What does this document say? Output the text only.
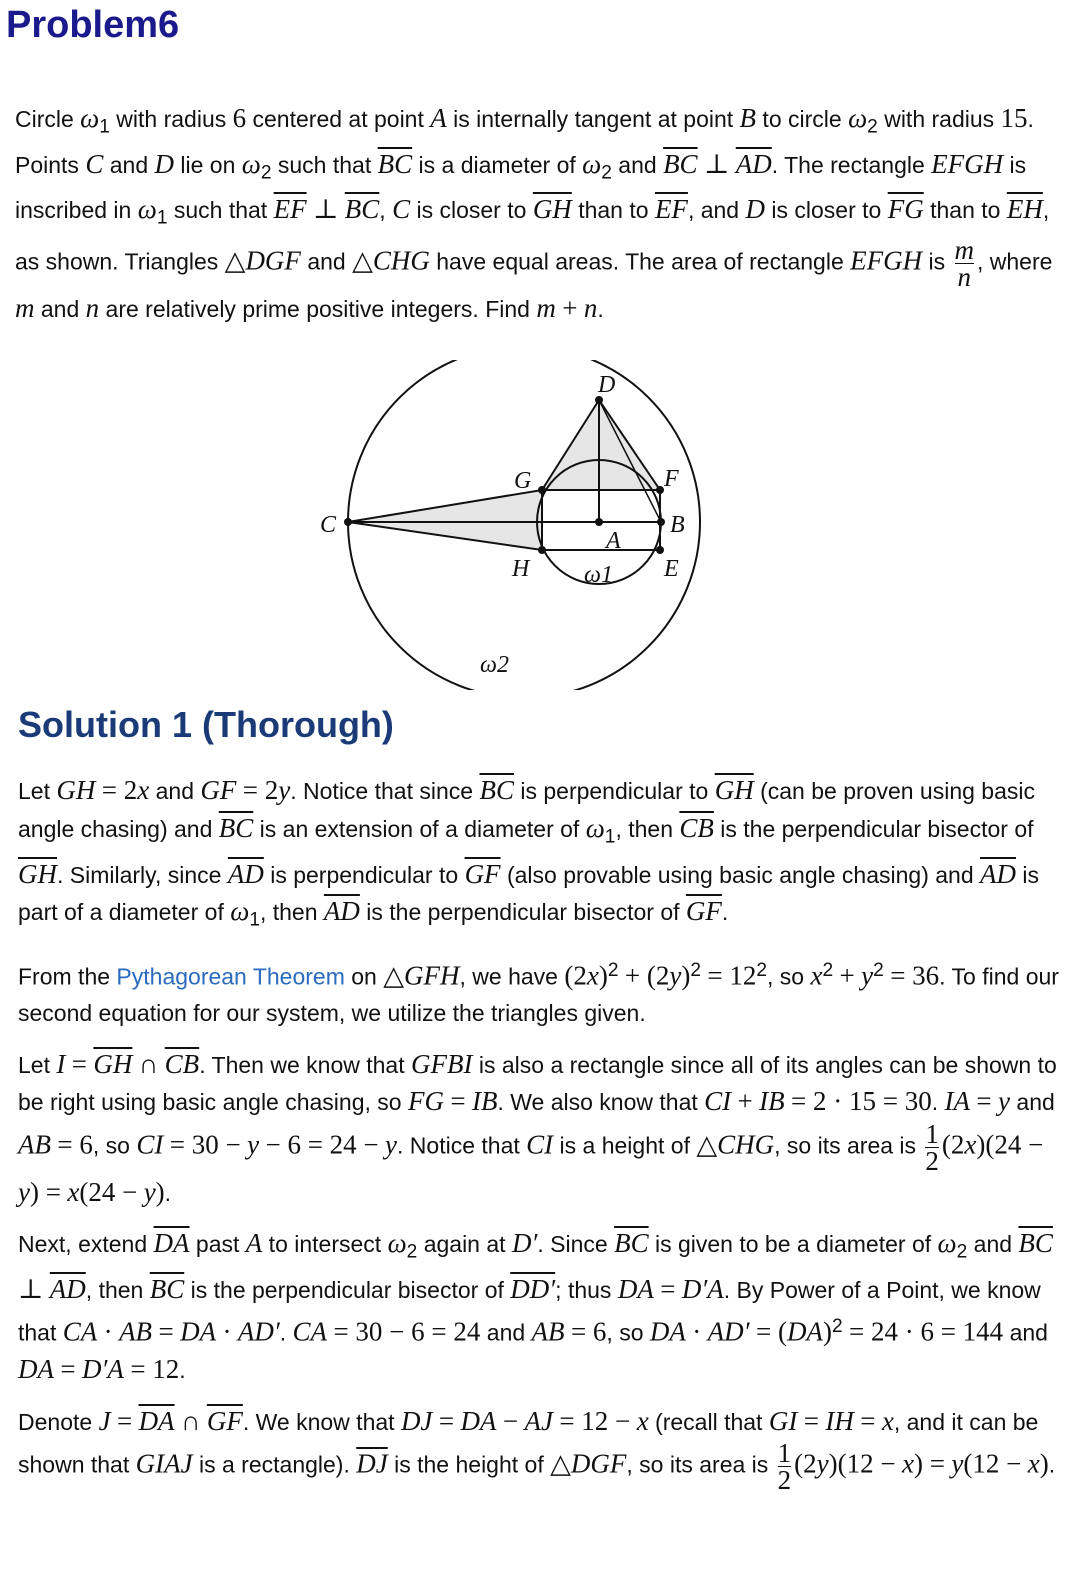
Problem6
Circle $\omega_1$ with radius 6 centered at point A is internally tangent at point B to circle $\omega_2$ with radius 15. Points C and D lie on $\omega_2$ such that $\overline{BC}$ is a diameter of $\omega_2$ and $\overline{BC}$ ⊥ $\overline{AD}$. The rectangle EFGH is inscribed in $\omega_1$ such that $\overline{EF}$ ⊥ $\overline{BC}$, C is closer to $\overline{GH}$ than to $\overline{EF}$, and D is closer to $\overline{FG}$ than to $\overline{EH}$, as shown. Triangles △DGF and △CHG have equal areas. The area of rectangle EFGH is $\frac{m}{n}$ , where m and n are relatively prime positive integers. Find m + n.
D
G	F
C	B
A
H	E
ω1
ω2
Solution 1 (Thorough)

Let GH = 2x and GF = 2y. Notice that since $\overline{BC}$ is perpendicular to $\overline{GH}$ (can be proven using basic angle chasing) and $\overline{BC}$ is an extension of a diameter of $\omega_1$, then $\overline{CB}$ is the perpendicular bisector of $\overline{GH}$. Similarly, since $\overline{AD}$ is perpendicular to $\overline{GF}$ (also provable using basic angle chasing) and $\overline{AD}$ is part of a diameter of $\omega_1$, then $\overline{AD}$ is the perpendicular bisector of $\overline{GF}$.

From the Pythagorean Theorem on △GFH, we have $(2x)^2 + (2y)^2 = 12^2$, so $x^2 + y^2 = 36$. To find our second equation for our system, we utilize the triangles given.

Let $I = \overline{GH}$ ∩ $\overline{CB}$. Then we know that GFBI is also a rectangle since all of its angles can be shown to be right using basic angle chasing, so FG = IB. We also know that CI + IB = 2 · 15 = 30. IA = y and AB = 6, so CI = 30 − y − 6 = 24 − y. Notice that CI is a height of △CHG, so its area is $\frac{1}{2} (2x)(24 - y) = x(24 - y)$.

Next, extend $\overline{DA}$ past A to intersect $\omega_2$ again at D′. Since $\overline{BC}$ is given to be a diameter of $\omega_2$ and $\overline{BC}$ ⊥ $\overline{AD}$, then $\overline{BC}$ is the perpendicular bisector of DD′; thus DA = D′A. By Power of a Point, we know that CA · AB = DA · AD′. CA = 30 − 6 = 24 and AB = 6, so DA · AD′ = (DA)$^2$ = 24 · 6 = 144 and DA = D′A = 12.

Denote $J = \overline{DA}$ ∩ $\overline{GF}$. We know that DJ = DA − AJ = 12 − x (recall that GI = IH = x, and it can be shown that GIAJ is a rectangle). $\overline{DJ}$ is the height of △DGF, so its area is $\frac{1}{2} (2y)(12 - x) = y(12 - x)$.
